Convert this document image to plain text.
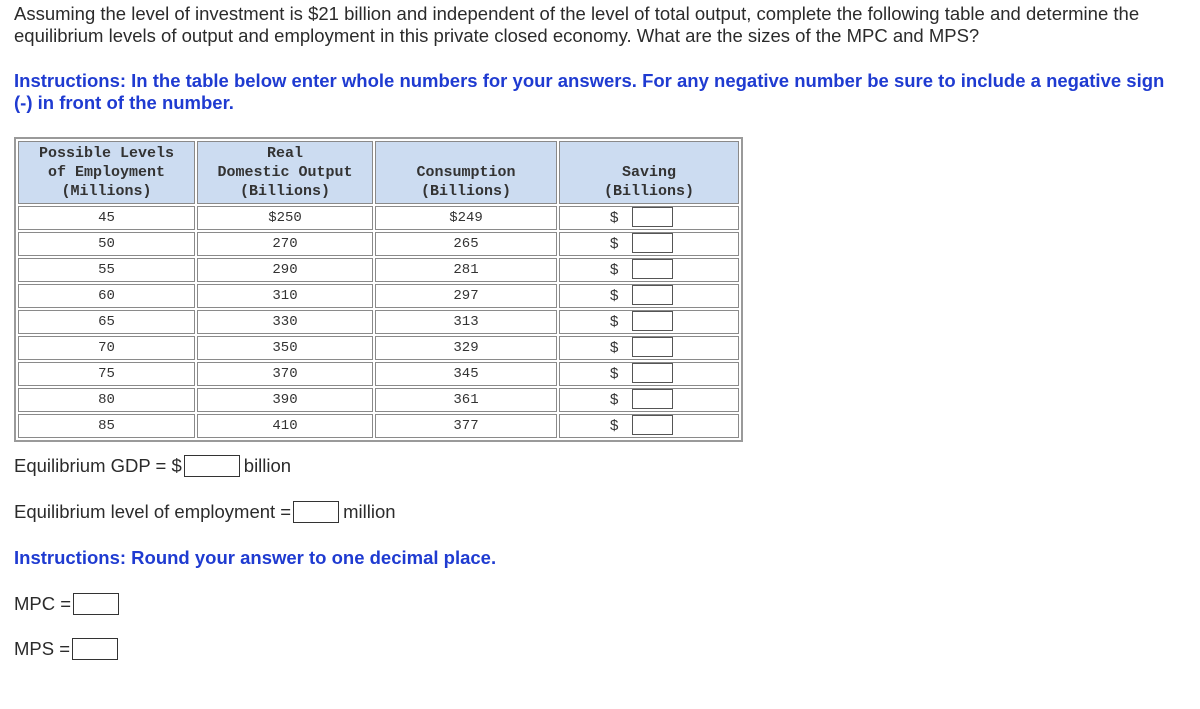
Assuming the level of investment is $21 billion and independent of the level of total output, complete the following table and determine the equilibrium levels of output and employment in this private closed economy. What are the sizes of the MPC and MPS?
Instructions: In the table below enter whole numbers for your answers. For any negative number be sure to include a negative sign (-) in front of the number.
Possible Levels
of Employment
(Millions)	Real
Domestic Output
(Billions)	Consumption
(Billions)	Saving
(Billions)
45	$250	$249	$

50	270	265	$

55	290	281	$

60	310	297	$

65	330	313	$

70	350	329	$

75	370	345	$

80	390	361	$

85	410	377	$
Equilibrium GDP = $	billion
Equilibrium level of employment =	million
Instructions: Round your answer to one decimal place.
MPC =
MPS =
